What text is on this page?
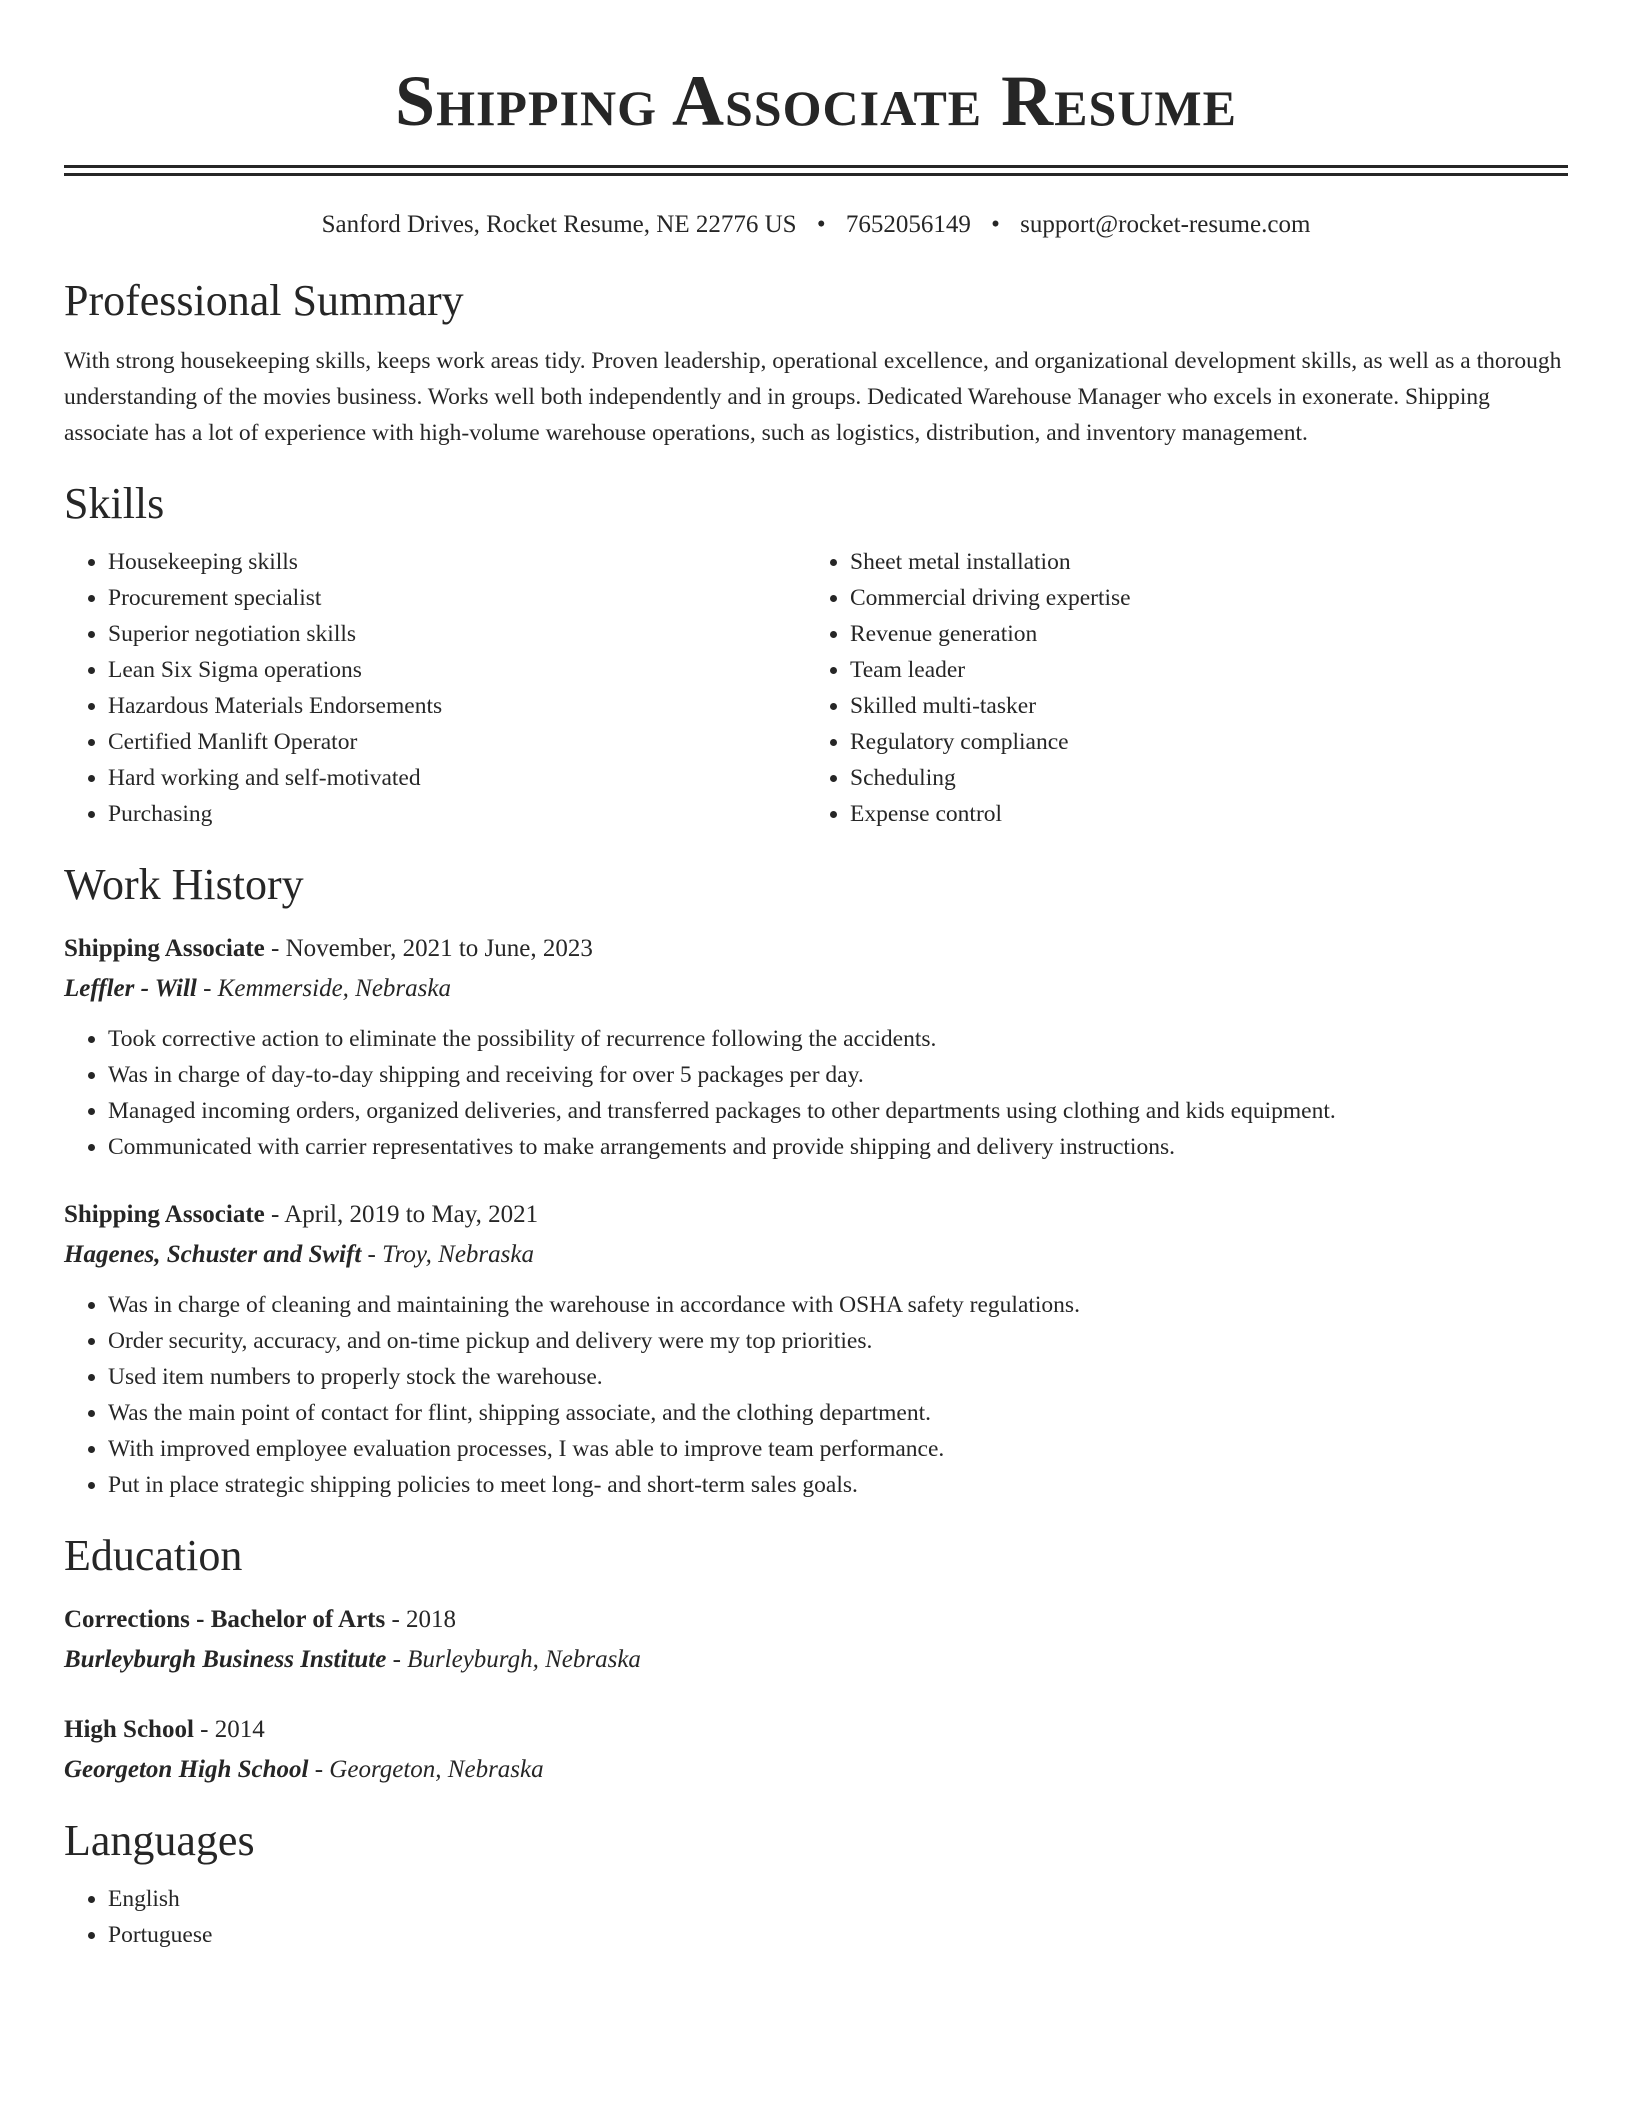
Shipping Associate Resume
Sanford Drives, Rocket Resume, NE 22776 US • 7652056149 • support@rocket-resume.com
Professional Summary

With strong housekeeping skills, keeps work areas tidy. Proven leadership, operational excellence, and organizational development skills, as well as a thorough understanding of the movies business. Works well both independently and in groups. Dedicated Warehouse Manager who excels in exonerate. Shipping associate has a lot of experience with high-volume warehouse operations, such as logistics, distribution, and inventory management.

Skills
• Housekeeping skills
• Procurement specialist
• Superior negotiation skills
• Lean Six Sigma operations
• Hazardous Materials Endorsements
• Certified Manlift Operator
• Hard working and self-motivated
• Purchasing
• Sheet metal installation
• Commercial driving expertise
• Revenue generation
• Team leader
• Skilled multi-tasker
• Regulatory compliance
• Scheduling
• Expense control
Work History
Shipping Associate - November, 2021 to June, 2023
Leffler - Will - Kemmerside, Nebraska
• Took corrective action to eliminate the possibility of recurrence following the accidents.
• Was in charge of day-to-day shipping and receiving for over 5 packages per day.
• Managed incoming orders, organized deliveries, and transferred packages to other departments using clothing and kids equipment.
• Communicated with carrier representatives to make arrangements and provide shipping and delivery instructions.
Shipping Associate - April, 2019 to May, 2021
Hagenes, Schuster and Swift - Troy, Nebraska
• Was in charge of cleaning and maintaining the warehouse in accordance with OSHA safety regulations.
• Order security, accuracy, and on-time pickup and delivery were my top priorities.
• Used item numbers to properly stock the warehouse.
• Was the main point of contact for flint, shipping associate, and the clothing department.
• With improved employee evaluation processes, I was able to improve team performance.
• Put in place strategic shipping policies to meet long- and short-term sales goals.
Education
Corrections - Bachelor of Arts - 2018
Burleyburgh Business Institute - Burleyburgh, Nebraska
High School - 2014
Georgeton High School - Georgeton, Nebraska
Languages
• English
• Portuguese
